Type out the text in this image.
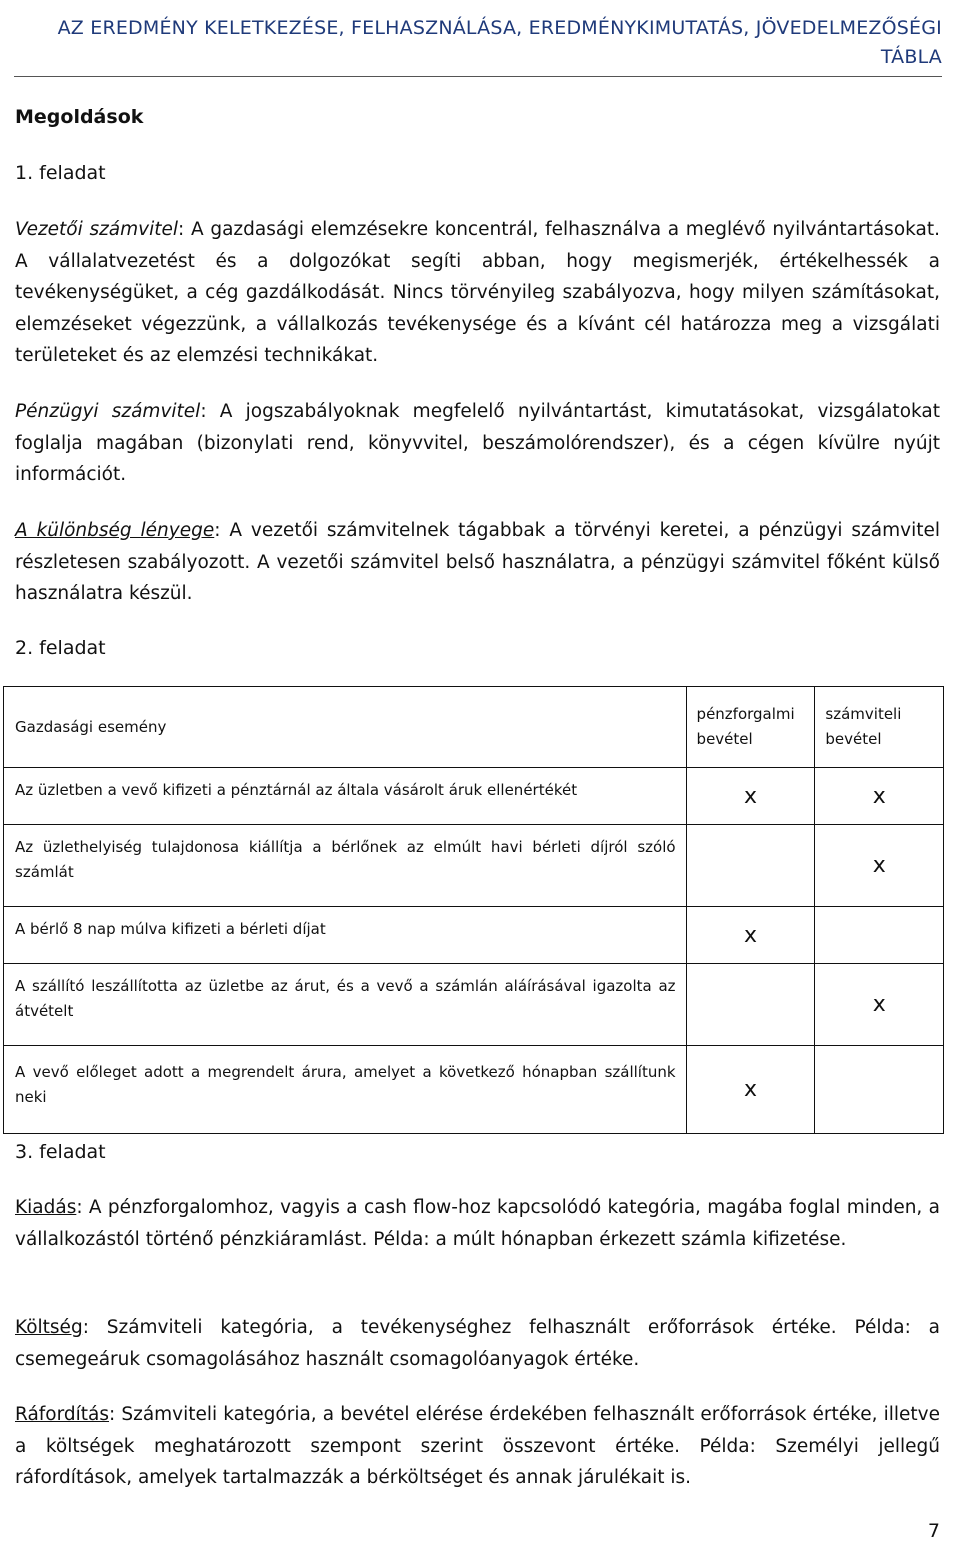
AZ EREDMÉNY KELETKEZÉSE, FELHASZNÁLÁSA, EREDMÉNYKIMUTATÁS, JÖVEDELMEZŐSÉGI TÁBLA
Megoldások
1. feladat

Vezetői számvitel: A gazdasági elemzésekre koncentrál, felhasználva a meglévő nyilvántartásokat. A vállalatvezetést és a dolgozókat segíti abban, hogy megismerjék, értékelhessék a tevékenységüket, a cég gazdálkodását. Nincs törvényileg szabályozva, hogy milyen számításokat, elemzéseket végezzünk, a vállalkozás tevékenysége és a kívánt cél határozza meg a vizsgálati területeket és az elemzési technikákat.

Pénzügyi számvitel: A jogszabályoknak megfelelő nyilvántartást, kimutatásokat, vizsgálatokat foglalja magában (bizonylati rend, könyvvitel, beszámolórendszer), és a cégen kívülre nyújt információt.

A különbség lényege: A vezetői számvitelnek tágabbak a törvényi keretei, a pénzügyi számvitel részletesen szabályozott. A vezetői számvitel belső használatra, a pénzügyi számvitel főként külső használatra készül.

2. feladat
Gazdasági esemény	pénzforgalmi bevétel	számviteli bevétel
Az üzletben a vevő kifizeti a pénztárnál az általa vásárolt áruk ellenértékét	x	x
Az üzlethelyiség tulajdonosa kiállítja a bérlőnek az elmúlt havi bérleti díjról szóló számlát		x
A bérlő 8 nap múlva kifizeti a bérleti díjat	x	
A szállító leszállította az üzletbe az árut, és a vevő a számlán aláírásával igazolta az átvételt		x
A vevő előleget adott a megrendelt árura, amelyet a következő hónapban szállítunk neki	x	
3. feladat

Kiadás: A pénzforgalomhoz, vagyis a cash flow-hoz kapcsolódó kategória, magába foglal minden, a vállalkozástól történő pénzkiáramlást. Példa: a múlt hónapban érkezett számla kifizetése.

Költség: Számviteli kategória, a tevékenységhez felhasznált erőforrások értéke. Példa: a csemegeáruk csomagolásához használt csomagolóanyagok értéke.

Ráfordítás: Számviteli kategória, a bevétel elérése érdekében felhasznált erőforrások értéke, illetve a költségek meghatározott szempont szerint összevont értéke. Példa: Személyi jellegű ráfordítások, amelyek tartalmazzák a bérköltséget és annak járulékait is.

7
